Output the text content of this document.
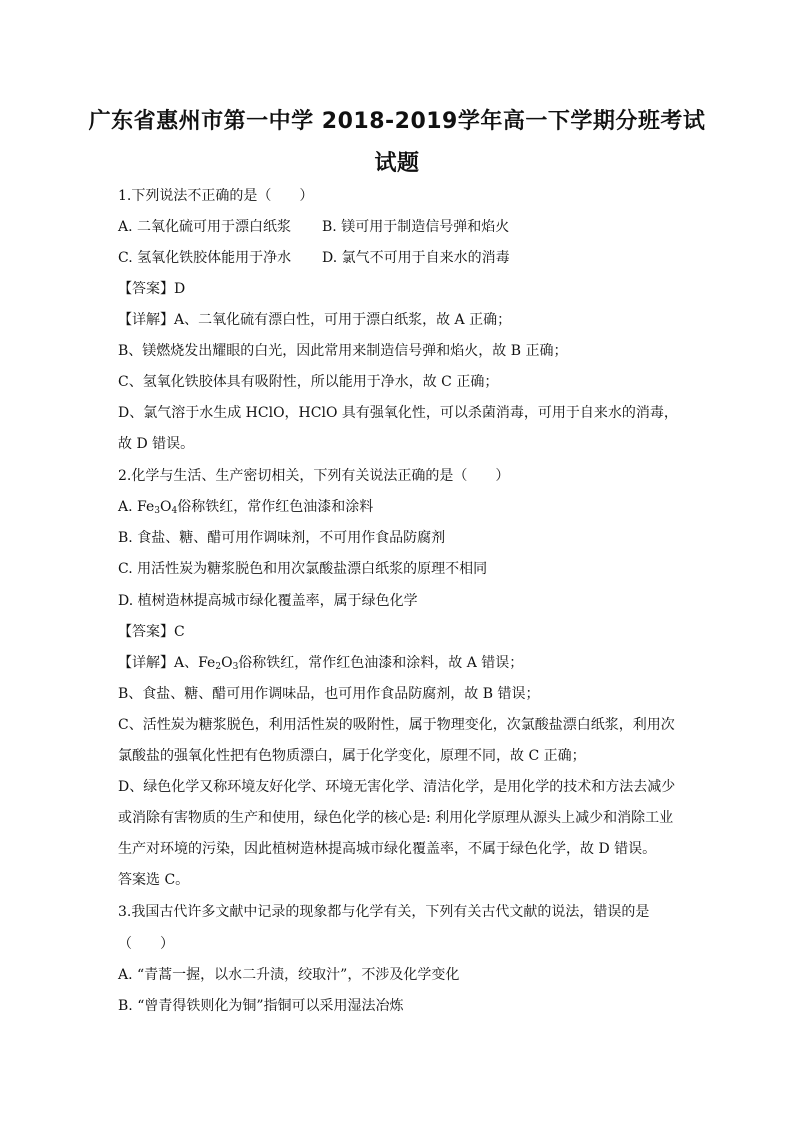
广东省惠州市第一中学 2018-2019学年高一下学期分班考试
试题
1.下列说法不正确的是（　　）
A. 二氧化硫可用于漂白纸浆 B. 镁可用于制造信号弹和焰火
C. 氢氧化铁胶体能用于净水 D. 氯气不可用于自来水的消毒
【答案】D
【详解】A、二氧化硫有漂白性，可用于漂白纸浆，故 A 正确；
B、镁燃烧发出耀眼的白光，因此常用来制造信号弹和焰火，故 B 正确；
C、氢氧化铁胶体具有吸附性，所以能用于净水，故 C 正确；
D、氯气溶于水生成 HClO，HClO 具有强氧化性，可以杀菌消毒，可用于自来水的消毒，
故 D 错误。
2.化学与生活、生产密切相关，下列有关说法正确的是（　　）
A. $Fe_3O_4$俗称铁红，常作红色油漆和涂料
B. 食盐、糖、醋可用作调味剂，不可用作食品防腐剂
C. 用活性炭为糖浆脱色和用次氯酸盐漂白纸浆的原理不相同
D. 植树造林提高城市绿化覆盖率，属于绿色化学
【答案】C
【详解】A、$Fe_2O_3$俗称铁红，常作红色油漆和涂料，故 A 错误；
B、食盐、糖、醋可用作调味品，也可用作食品防腐剂，故 B 错误；
C、活性炭为糖浆脱色，利用活性炭的吸附性，属于物理变化，次氯酸盐漂白纸浆，利用次
氯酸盐的强氧化性把有色物质漂白，属于化学变化，原理不同，故 C 正确；
D、绿色化学又称环境友好化学、环境无害化学、清洁化学，是用化学的技术和方法去减少
或消除有害物质的生产和使用，绿色化学的核心是: 利用化学原理从源头上减少和消除工业
生产对环境的污染，因此植树造林提高城市绿化覆盖率，不属于绿色化学，故 D 错误。
答案选 C。
3.我国古代许多文献中记录的现象都与化学有关，下列有关古代文献的说法，错误的是
（　　）
A. “青蒿一握，以水二升渍，绞取汁”，不涉及化学变化
B. “曾青得铁则化为铜”指铜可以采用湿法冶炼
